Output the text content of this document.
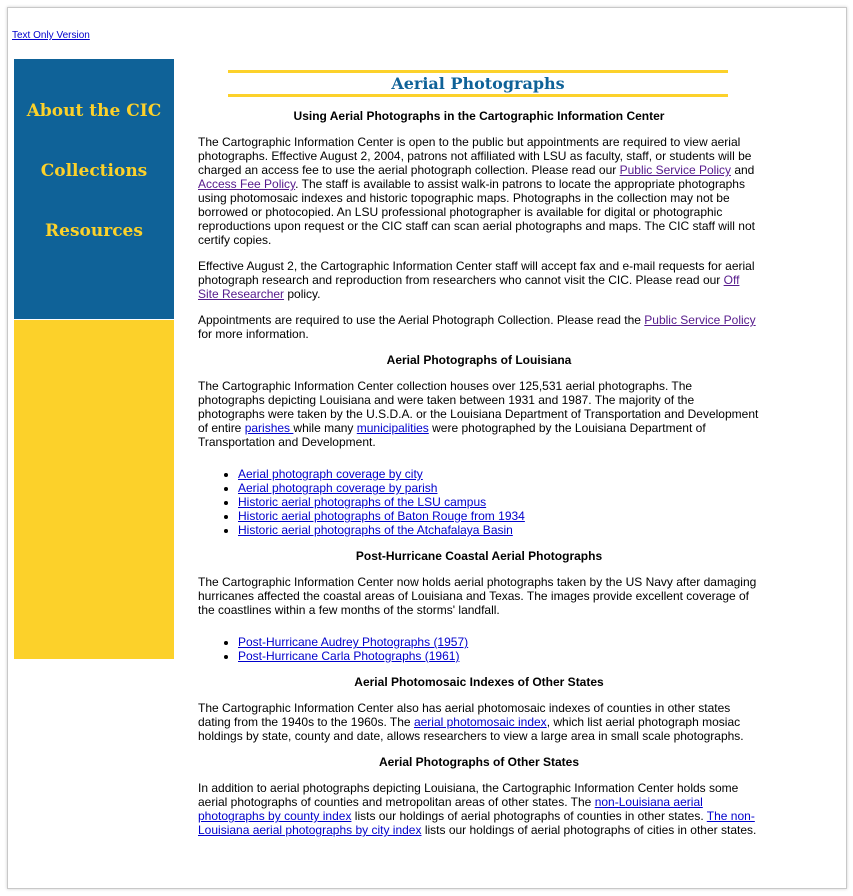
Text Only Version
About the CIC
Collections
Resources
Aerial Photographs
Using Aerial Photographs in the Cartographic Information Center

The Cartographic Information Center is open to the public but appointments are required to view aerial photographs. Effective August 2, 2004, patrons not affiliated with LSU as faculty, staff, or students will be charged an access fee to use the aerial photograph collection. Please read our Public Service Policy and Access Fee Policy. The staff is available to assist walk-in patrons to locate the appropriate photographs using photomosaic indexes and historic topographic maps. Photographs in the collection may not be borrowed or photocopied. An LSU professional photographer is available for digital or photographic reproductions upon request or the CIC staff can scan aerial photographs and maps. The CIC staff will not certify copies.

Effective August 2, the Cartographic Information Center staff will accept fax and e-mail requests for aerial photograph research and reproduction from researchers who cannot visit the CIC. Please read our Off Site Researcher policy.

Appointments are required to use the Aerial Photograph Collection. Please read the Public Service Policy for more information.

Aerial Photographs of Louisiana

The Cartographic Information Center collection houses over 125,531 aerial photographs. The photographs depicting Louisiana and were taken between 1931 and 1987. The majority of the photographs were taken by the U.S.D.A. or the Louisiana Department of Transportation and Development of entire parishes while many municipalities were photographed by the Louisiana Department of Transportation and Development.

• Aerial photograph coverage by city
• Aerial photograph coverage by parish
• Historic aerial photographs of the LSU campus
• Historic aerial photographs of Baton Rouge from 1934
• Historic aerial photographs of the Atchafalaya Basin
Post-Hurricane Coastal Aerial Photographs

The Cartographic Information Center now holds aerial photographs taken by the US Navy after damaging hurricanes affected the coastal areas of Louisiana and Texas. The images provide excellent coverage of the coastlines within a few months of the storms' landfall.

• Post-Hurricane Audrey Photographs (1957)
• Post-Hurricane Carla Photographs (1961)
Aerial Photomosaic Indexes of Other States

The Cartographic Information Center also has aerial photomosaic indexes of counties in other states dating from the 1940s to the 1960s. The aerial photomosaic index, which list aerial photograph mosiac holdings by state, county and date, allows researchers to view a large area in small scale photographs.

Aerial Photographs of Other States

In addition to aerial photographs depicting Louisiana, the Cartographic Information Center holds some aerial photographs of counties and metropolitan areas of other states. The non-Louisiana aerial photographs by county index lists our holdings of aerial photographs of counties in other states. The non-Louisiana aerial photographs by city index lists our holdings of aerial photographs of cities in other states.
